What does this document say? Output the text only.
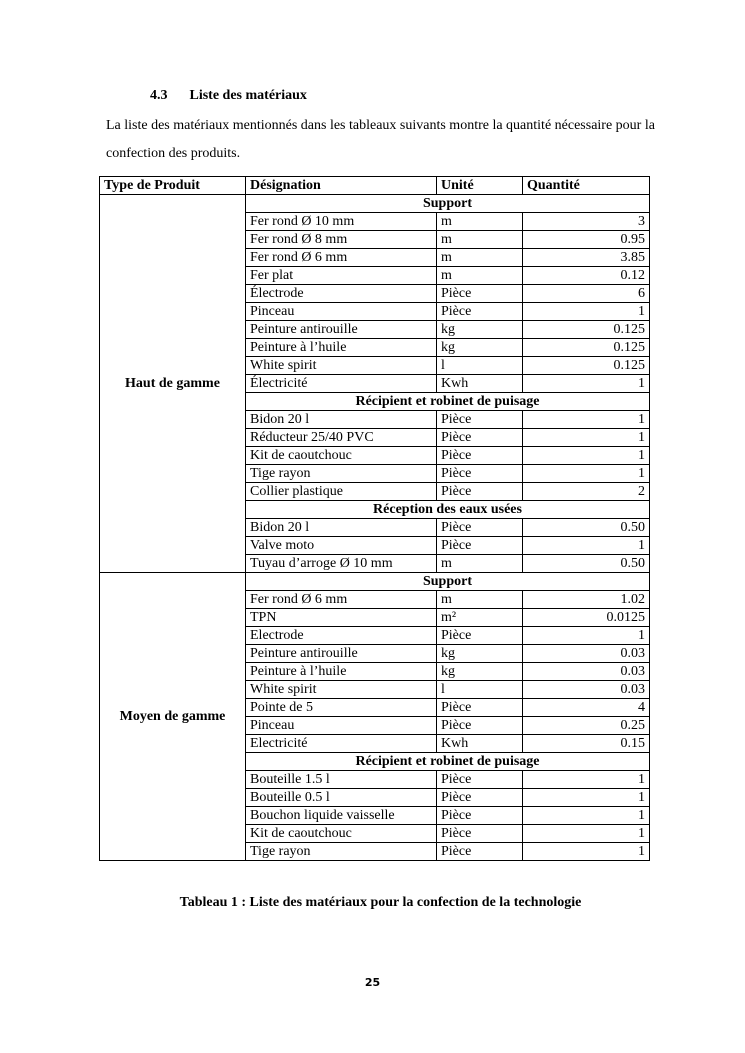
4.3 Liste des matériaux
La liste des matériaux mentionnés dans les tableaux suivants montre la quantité nécessaire pour la confection des produits.
Type de Produit	Désignation	Unité	Quantité
Haut de gamme	Support		
	Fer rond Ø 10 mm	m	3
	Fer rond Ø 8 mm	m	0.95
	Fer rond Ø 6 mm	m	3.85
	Fer plat	m	0.12
	Électrode	Pièce	6
	Pinceau	Pièce	1
	Peinture antirouille	kg	0.125
	Peinture à l’huile	kg	0.125
	White spirit	l	0.125
	Électricité	Kwh	1
	Récipient et robinet de puisage		
	Bidon 20 l	Pièce	1
	Réducteur 25/40 PVC	Pièce	1
	Kit de caoutchouc	Pièce	1
	Tige rayon	Pièce	1
	Collier plastique	Pièce	2
	Réception des eaux usées		
	Bidon 20 l	Pièce	0.50
	Valve moto	Pièce	1
	Tuyau d’arroge Ø 10 mm	m	0.50
Moyen de gamme	Support		
	Fer rond Ø 6 mm	m	1.02
	TPN	m²	0.0125
	Electrode	Pièce	1
	Peinture antirouille	kg	0.03
	Peinture à l’huile	kg	0.03
	White spirit	l	0.03
	Pointe de 5	Pièce	4
	Pinceau	Pièce	0.25
	Electricité	Kwh	0.15
	Récipient et robinet de puisage		
	Bouteille 1.5 l	Pièce	1
	Bouteille 0.5 l	Pièce	1
	Bouchon liquide vaisselle	Pièce	1
	Kit de caoutchouc	Pièce	1
	Tige rayon	Pièce	1
Tableau 1 : Liste des matériaux pour la confection de la technologie
25
